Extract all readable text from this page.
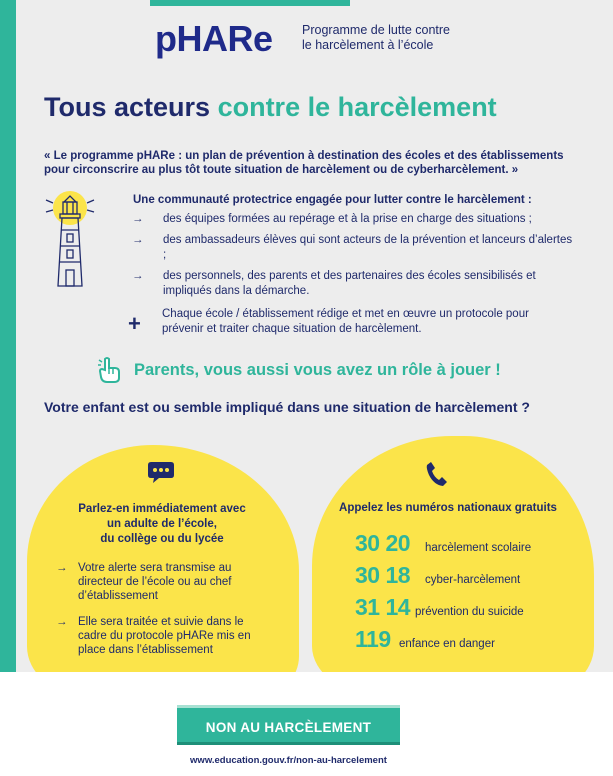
pHARe Programme de lutte contre
le harcèlement à l’école
Tous acteurs contre le harcèlement

« Le programme pHARe : un plan de prévention à destination des écoles et des établissements pour circonscrire au plus tôt toute situation de harcèlement ou de cyberharcèlement. »

Une communauté protectrice engagée pour lutter contre le harcèlement :
→ des équipes formées au repérage et à la prise en charge des situations ;
→ des ambassadeurs élèves qui sont acteurs de la prévention et lanceurs d’alertes ;
→ des personnels, des parents et des partenaires des écoles sensibilisés et impliqués dans la démarche.
+ Chaque école / établissement rédige et met en œuvre un protocole pour prévenir et traiter chaque situation de harcèlement.
Parents, vous aussi vous avez un rôle à jouer !
Votre enfant est ou semble impliqué dans une situation de harcèlement ?
Parlez-en immédiatement avec
un adulte de l’école,
du collège ou du lycée
→ Votre alerte sera transmise au directeur de l’école ou au chef d’établissement
→ Elle sera traitée et suivie dans le cadre du protocole pHARe mis en place dans l’établissement
Appelez les numéros nationaux gratuits
30 20 harcèlement scolaire
30 18 cyber-harcèlement
31 14 prévention du suicide
119 enfance en danger
NON AU HARCÈLEMENT
www.education.gouv.fr/non-au-harcelement
